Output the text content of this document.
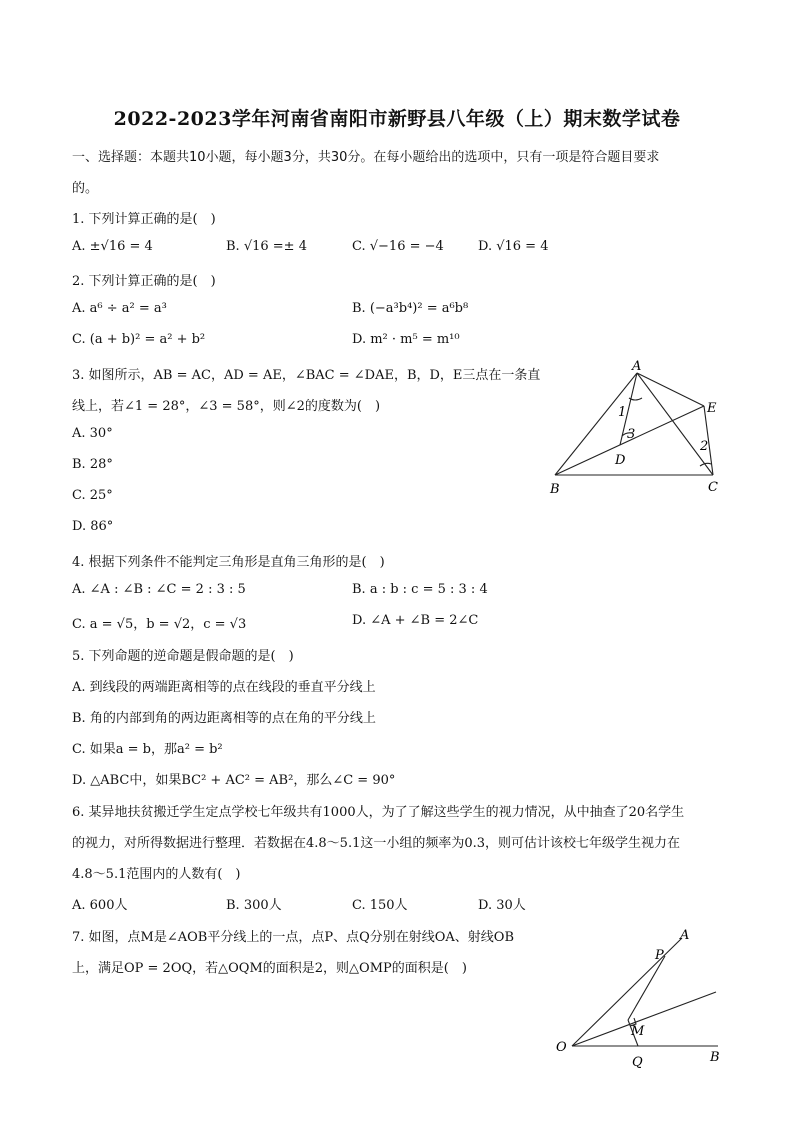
2022-2023学年河南省南阳市新野县八年级（上）期末数学试卷
一、选择题：本题共10小题，每小题3分，共30分。在每小题给出的选项中，只有一项是符合题目要求
的。
1. 下列计算正确的是(　)
A. ±√16 = 4	B. √16 =± 4	C. √−16 = −4	D. √16 = 4
2. 下列计算正确的是(　)
A. a⁶ ÷ a² = a³	B. (−a³b⁴)² = a⁶b⁸
C. (a + b)² = a² + b²	D. m² · m⁵ = m¹⁰
3. 如图所示，AB = AC，AD = AE，∠BAC = ∠DAE，B，D，E三点在一条直
线上，若∠1 = 28°，∠3 = 58°，则∠2的度数为(　)
A. 30°
B. 28°
C. 25°
D. 86°
A
B	C
D
E
1
2
3
4. 根据下列条件不能判定三角形是直角三角形的是(　)
A. ∠A : ∠B : ∠C = 2 : 3 : 5	B. a : b : c = 5 : 3 : 4
C. a = √5，b = √2，c = √3	D. ∠A + ∠B = 2∠C
5. 下列命题的逆命题是假命题的是(　)
A. 到线段的两端距离相等的点在线段的垂直平分线上
B. 角的内部到角的两边距离相等的点在角的平分线上
C. 如果a = b，那a² = b²
D. △ABC中，如果BC² + AC² = AB²，那么∠C = 90°
6. 某异地扶贫搬迁学生定点学校七年级共有1000人，为了了解这些学生的视力情况，从中抽查了20名学生
的视力，对所得数据进行整理．若数据在4.8～5.1这一小组的频率为0.3，则可估计该校七年级学生视力在
4.8～5.1范围内的人数有(　)
A. 600人	B. 300人	C. 150人	D. 30人
7. 如图，点M是∠AOB平分线上的一点，点P、点Q分别在射线OA、射线OB
上，满足OP = 2OQ，若△OQM的面积是2，则△OMP的面积是(　)
A
B
O
P
M
Q
